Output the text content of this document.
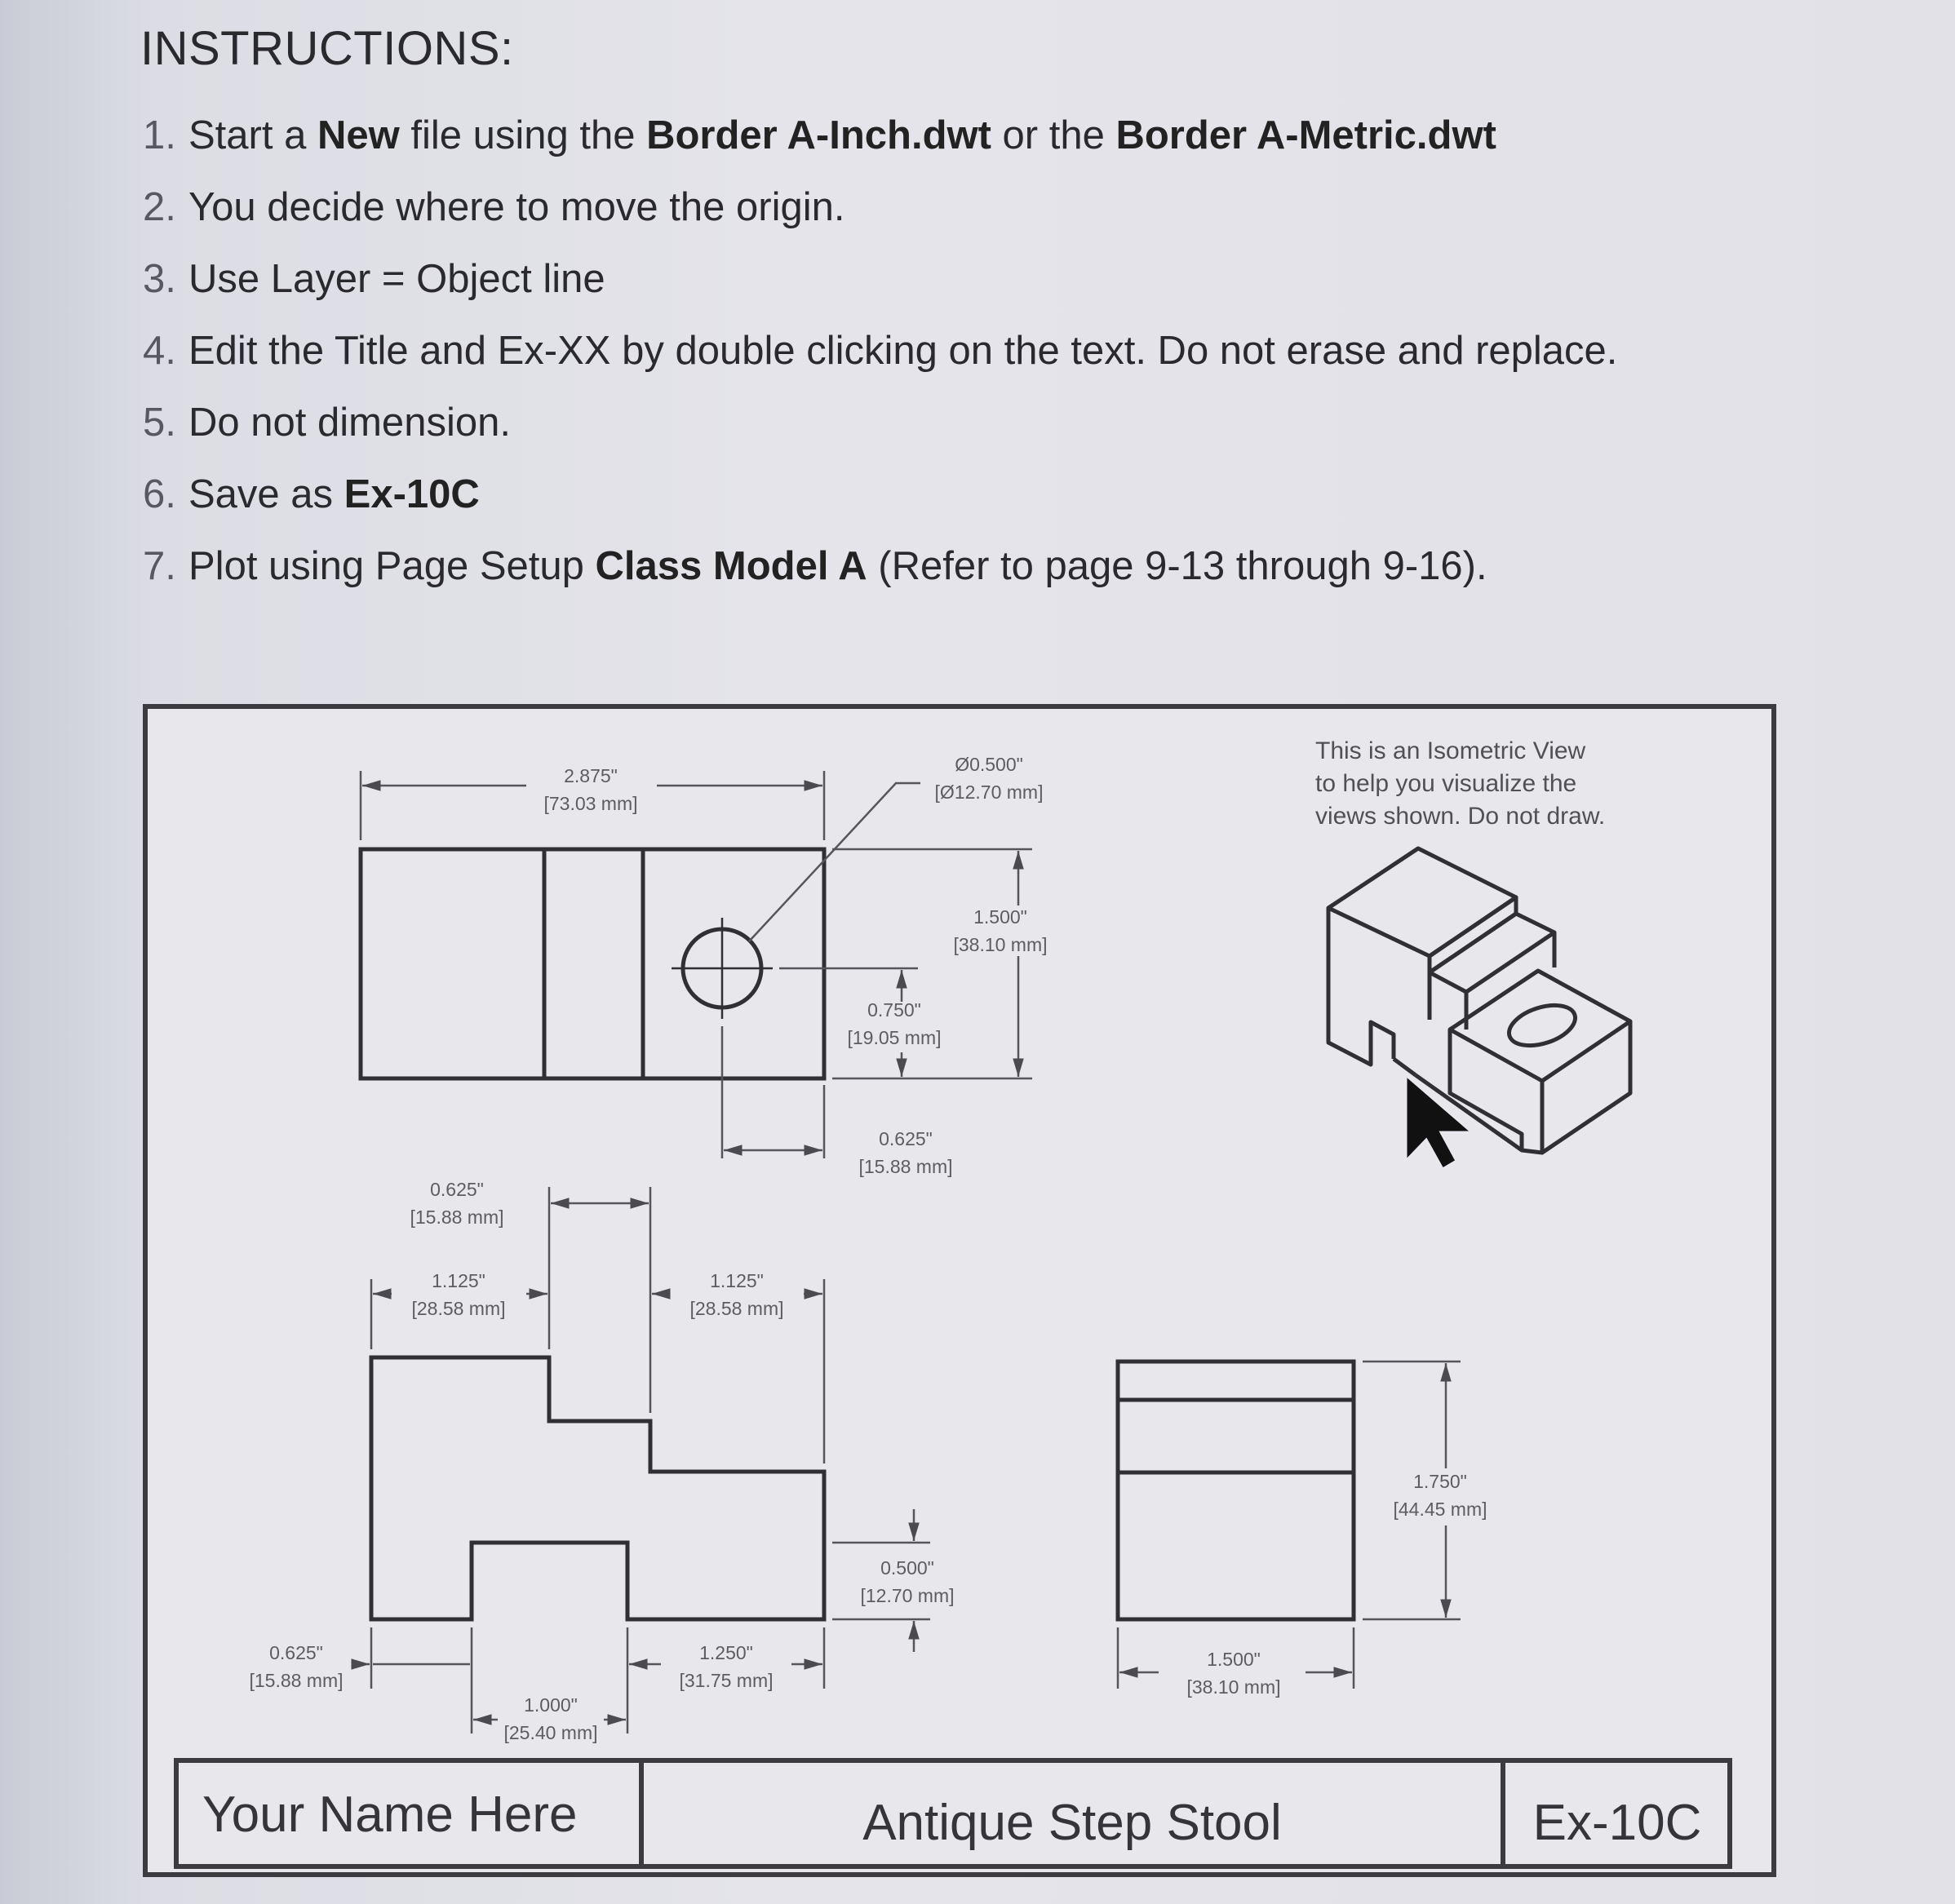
INSTRUCTIONS:
1. Start a New file using the Border A-Inch.dwt or the Border A-Metric.dwt
2. You decide where to move the origin.
3. Use Layer = Object line
4. Edit the Title and Ex-XX by double clicking on the text. Do not erase and replace.
5. Do not dimension.
6. Save as Ex-10C
7. Plot using Page Setup Class Model A (Refer to page 9-13 through 9-16).
2.875"
[73.03 mm]
Ø0.500"
[Ø12.70 mm]
1.500"
[38.10 mm]
0.750"
[19.05 mm]
0.625"
[15.88 mm]
0.625"
[15.88 mm]
1.125"
[28.58 mm]
1.125"
[28.58 mm]
0.500"
[12.70 mm]
0.625"
[15.88 mm]
1.000"
[25.40 mm]
1.250"
[31.75 mm]
1.750"
[44.45 mm]
1.500"
[38.10 mm]
This is an Isometric View
to help you visualize the
views shown. Do not draw.
Your Name Here	Antique Step Stool	Ex-10C
